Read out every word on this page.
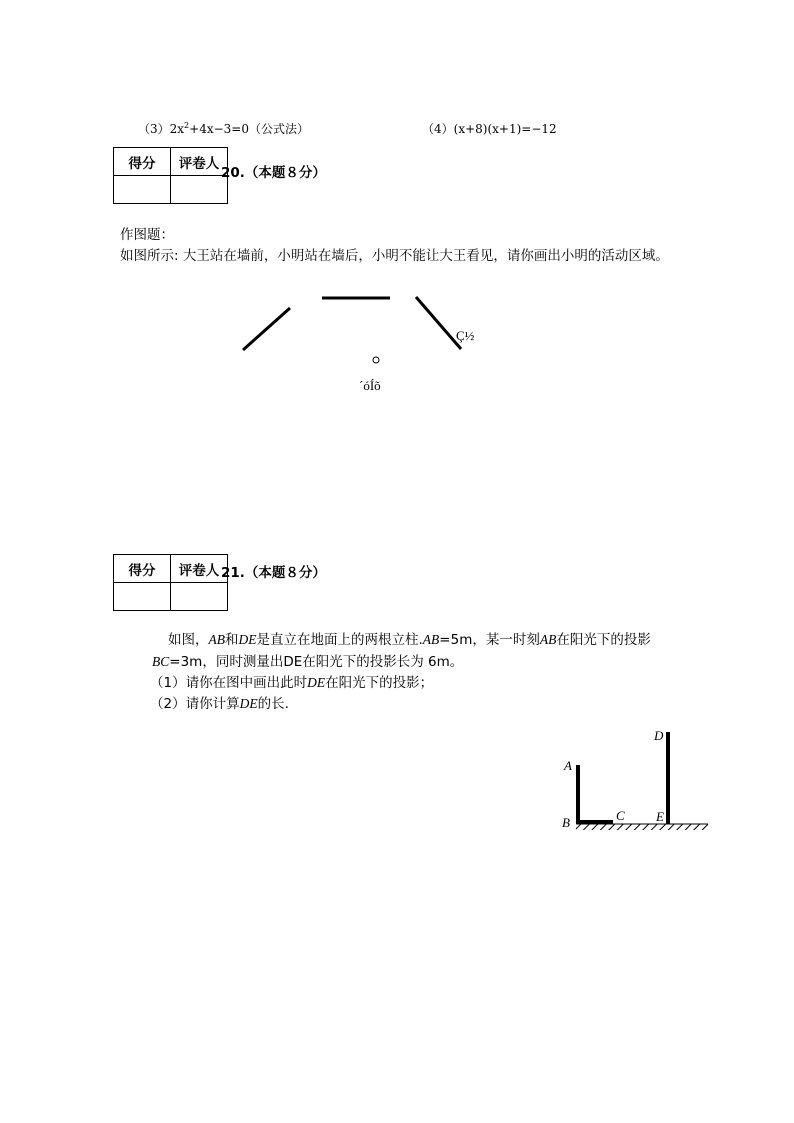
$(3)2x^2+4x-3=0$（公式法）	（4）(x+8)(x+1)=−12
得分	评卷人

20.（本题８分）
作图题：
如图所示: 大王站在墙前，小明站在墙后，小明不能让大王看见，请你画出小明的活动区域。
Ç½
´óÍõ
得分	评卷人
	21.（本题８分）
如图，AB和DE是直立在地面上的两根立柱.AB=5m，某一时刻AB在阳光下的投影
BC=3m，同时测量出DE在阳光下的投影长为 6m。
（1）请你在图中画出此时DE在阳光下的投影；
（2）请你计算DE的长.
A
B	C
D
E
